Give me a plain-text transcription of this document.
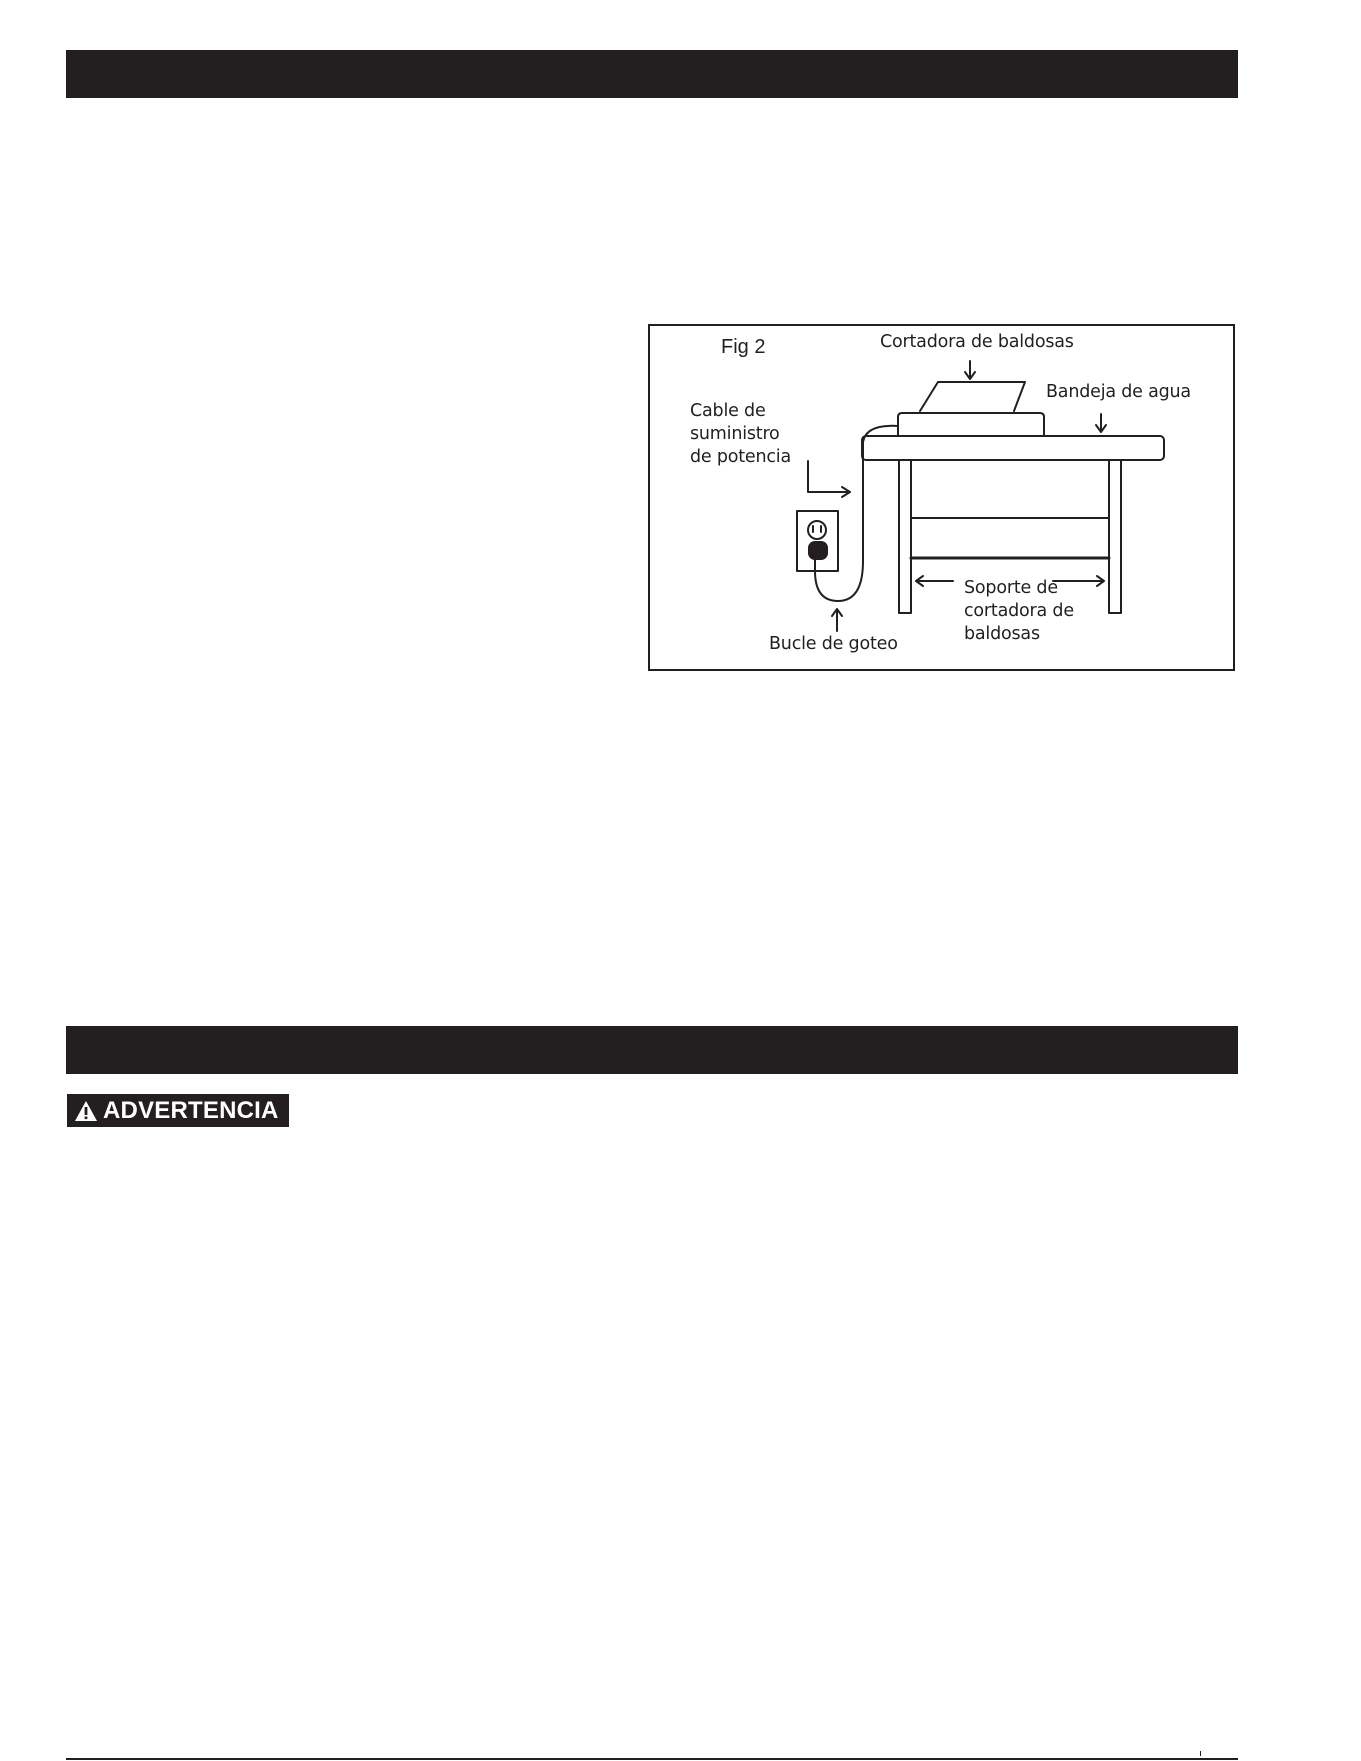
Fig 2	Cortadora de baldosas

Bandeja de agua

Cable de

suministro

de potencia

Soporte de

cortadora de

baldosas

Bucle de goteo

ADVERTENCIA
